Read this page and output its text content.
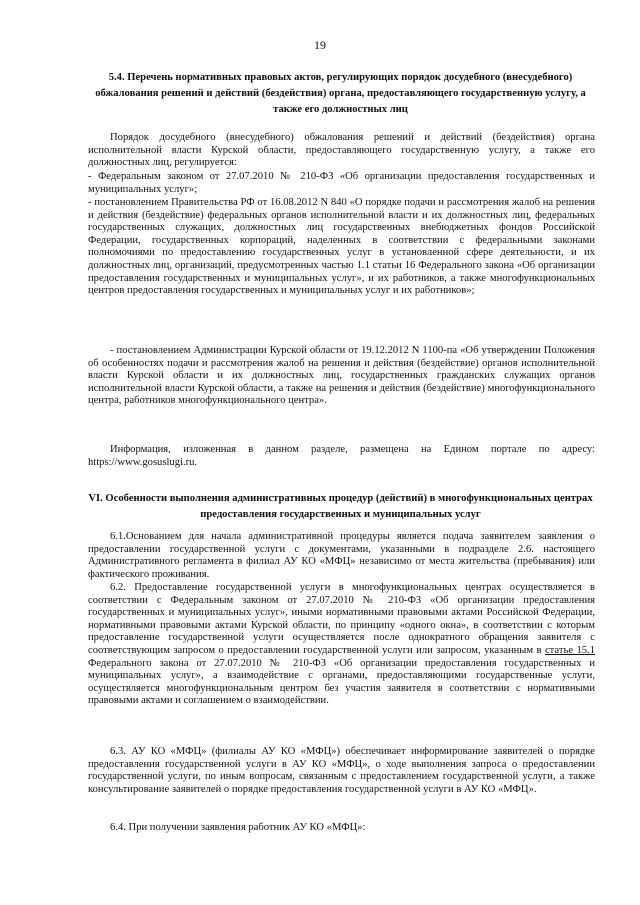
19
5.4. Перечень нормативных правовых актов, регулирующих порядок досудебного (внесудебного) обжалования решений и действий (бездействия) органа, предоставляющего государственную услугу, а также его должностных лиц

Порядок досудебного (внесудебного) обжалования решений и действий (бездействия) органа исполнительной власти Курской области, предоставляющего государственную услугу, а также его должностных лиц, регулируется:

- Федеральным законом от 27.07.2010 № 210-ФЗ «Об организации предоставления государственных и муниципальных услуг»;

- постановлением Правительства РФ от 16.08.2012 N 840 «О порядке подачи и рассмотрения жалоб на решения и действия (бездействие) федеральных органов исполнительной власти и их должностных лиц, федеральных государственных служащих, должностных лиц государственных внебюджетных фондов Российской Федерации, государственных корпораций, наделенных в соответствии с федеральными законами полномочиями по предоставлению государственных услуг в установленной сфере деятельности, и их должностных лиц, организаций, предусмотренных частью 1.1 статьи 16 Федерального закона «Об организации предоставления государственных и муниципальных услуг», и их работников, а также многофункциональных центров предоставления государственных и муниципальных услуг и их работников»;

- постановлением Администрации Курской области от 19.12.2012 N 1100-па «Об утверждении Положения об особенностях подачи и рассмотрения жалоб на решения и действия (бездействие) органов исполнительной власти Курской области и их должностных лиц, государственных гражданских служащих органов исполнительной власти Курской области, а также на решения и действия (бездействие) многофункционального центра, работников многофункционального центра».

Информация, изложенная в данном разделе, размещена на Едином портале по адресу: https://www.gosuslugi.ru.

VI. Особенности выполнения административных процедур (действий) в многофункциональных центрах предоставления государственных и муниципальных услуг

6.1.Основанием для начала административной процедуры является подача заявителем заявления о предоставлении государственной услуги с документами, указанными в подразделе 2.6. настоящего Административного регламента в филиал АУ КО «МФЦ» независимо от места жительства (пребывания) или фактического проживания.

6.2. Предоставление государственной услуги в многофункциональных центрах осуществляется в соответствии с Федеральным законом от 27.07.2010 № 210-ФЗ «Об организации предоставления государственных и муниципальных услуг», иными нормативными правовыми актами Российской Федерации, нормативными правовыми актами Курской области, по принципу «одного окна», в соответствии с которым предоставление государственной услуги осуществляется после однократного обращения заявителя с соответствующим запросом о предоставлении государственной услуги или запросом, указанным в статье 15.1 Федерального закона от 27.07.2010 № 210-ФЗ «Об организации предоставления государственных и муниципальных услуг», а взаимодействие с органами, предоставляющими государственные услуги, осуществляется многофункциональным центром без участия заявителя в соответствии с нормативными правовыми актами и соглашением о взаимодействии.

6.3. АУ КО «МФЦ» (филиалы АУ КО «МФЦ») обеспечивает информирование заявителей о порядке предоставления государственной услуги в АУ КО «МФЦ», о ходе выполнения запроса о предоставлении государственной услуги, по иным вопросам, связанным с предоставлением государственной услуги, а также консультирование заявителей о порядке предоставления государственной услуги в АУ КО «МФЦ».

6.4. При получении заявления работник АУ КО «МФЦ»:
